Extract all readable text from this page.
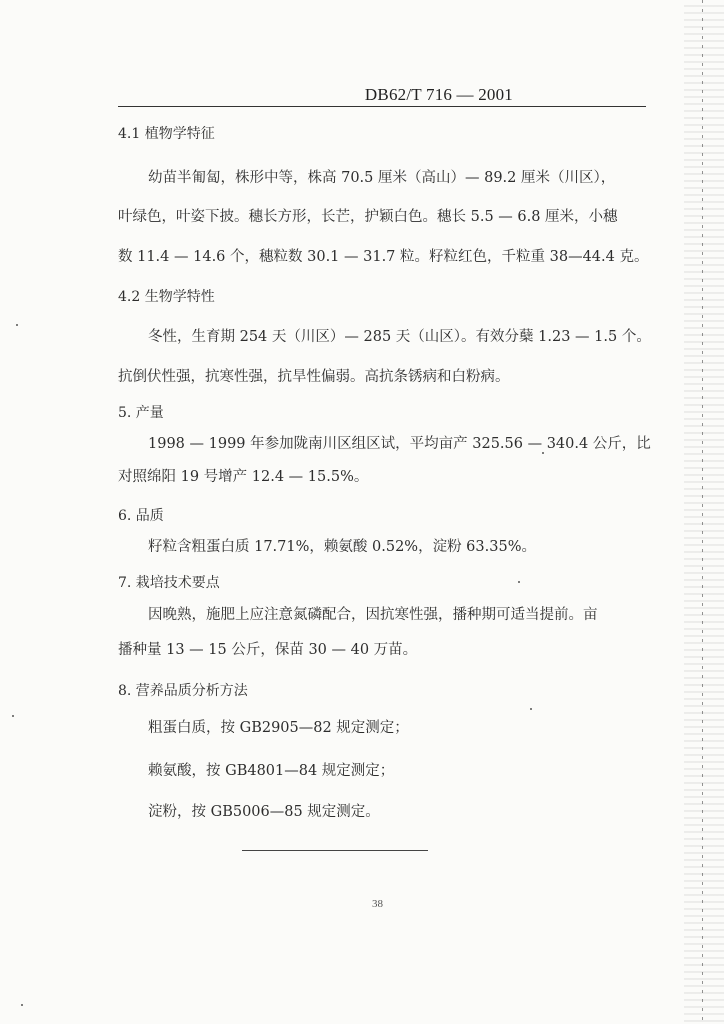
DB62/T 716 — 2001
4.1 植物学特征
幼苗半匍匐，株形中等，株高 70.5 厘米（高山）— 89.2 厘米（川区），
叶绿色，叶姿下披。穗长方形，长芒，护颖白色。穗长 5.5 — 6.8 厘米，小穗
数 11.4 — 14.6 个，穗粒数 30.1 — 31.7 粒。籽粒红色，千粒重 38—44.4 克。
4.2 生物学特性
冬性，生育期 254 天（川区）— 285 天（山区）。有效分蘖 1.23 — 1.5 个。
抗倒伏性强，抗寒性强，抗旱性偏弱。高抗条锈病和白粉病。
5. 产量
1998 — 1999 年参加陇南川区组区试，平均亩产 325.56 — 340.4 公斤，比
对照绵阳 19 号增产 12.4 — 15.5%。
6. 品质
籽粒含粗蛋白质 17.71%，赖氨酸 0.52%，淀粉 63.35%。
7. 栽培技术要点
因晚熟，施肥上应注意氮磷配合，因抗寒性强，播种期可适当提前。亩
播种量 13 — 15 公斤，保苗 30 — 40 万苗。
8. 营养品质分析方法
粗蛋白质，按 GB2905—82 规定测定；
赖氨酸，按 GB4801—84 规定测定；
淀粉，按 GB5006—85 规定测定。
38
